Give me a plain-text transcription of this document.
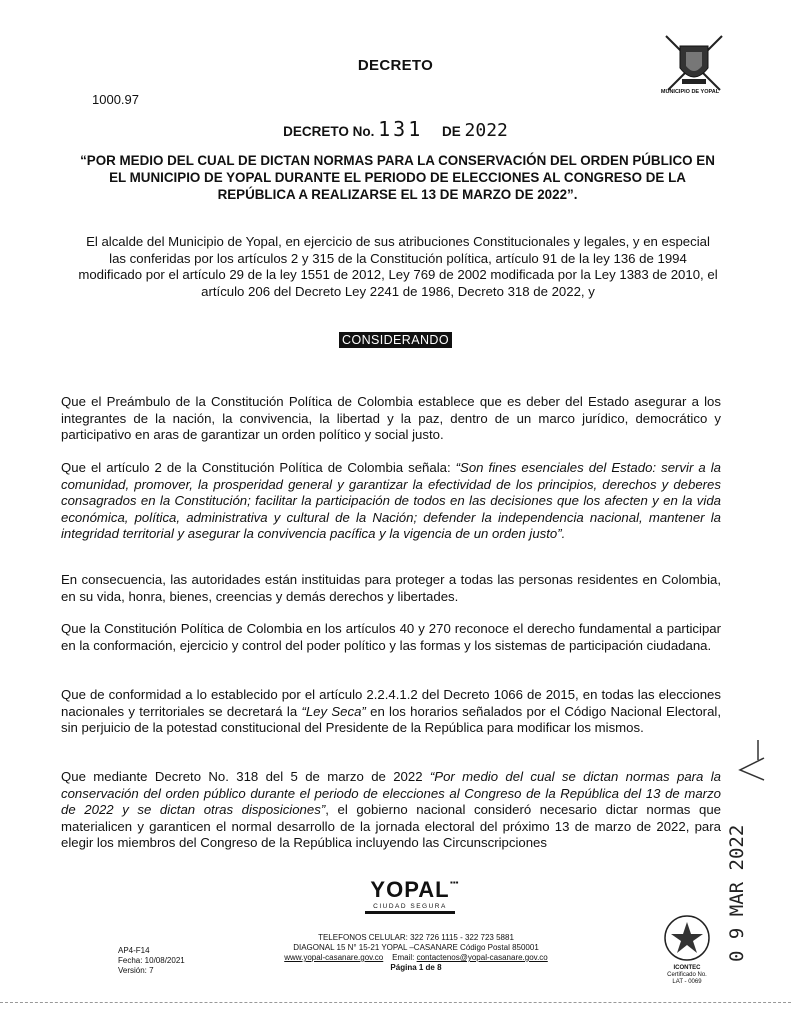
DECRETO
1000.97	MUNICIPIO DE YOPAL
DECRETO No. 131 DE 2022
“POR MEDIO DEL CUAL DE DICTAN NORMAS PARA LA CONSERVACIÓN DEL ORDEN PÚBLICO EN EL MUNICIPIO DE YOPAL DURANTE EL PERIODO DE ELECCIONES AL CONGRESO DE LA REPÚBLICA A REALIZARSE EL 13 DE MARZO DE 2022”.
El alcalde del Municipio de Yopal, en ejercicio de sus atribuciones Constitucionales y legales, y en especial las conferidas por los artículos 2 y 315 de la Constitución política, artículo 91 de la ley 136 de 1994 modificado por el artículo 29 de la ley 1551 de 2012, Ley 769 de 2002 modificada por la Ley 1383 de 2010, el artículo 206 del Decreto Ley 2241 de 1986, Decreto 318 de 2022, y
CONSIDERANDO
Que el Preámbulo de la Constitución Política de Colombia establece que es deber del Estado asegurar a los integrantes de la nación, la convivencia, la libertad y la paz, dentro de un marco jurídico, democrático y participativo en aras de garantizar un orden político y social justo.
Que el artículo 2 de la Constitución Política de Colombia señala: “Son fines esenciales del Estado: servir a la comunidad, promover, la prosperidad general y garantizar la efectividad de los principios, derechos y deberes consagrados en la Constitución; facilitar la participación de todos en las decisiones que los afecten y en la vida económica, política, administrativa y cultural de la Nación; defender la independencia nacional, mantener la integridad territorial y asegurar la convivencia pacífica y la vigencia de un orden justo”.
En consecuencia, las autoridades están instituidas para proteger a todas las personas residentes en Colombia, en su vida, honra, bienes, creencias y demás derechos y libertades.
Que la Constitución Política de Colombia en los artículos 40 y 270 reconoce el derecho fundamental a participar en la conformación, ejercicio y control del poder político y las formas y los sistemas de participación ciudadana.
Que de conformidad a lo establecido por el artículo 2.2.4.1.2 del Decreto 1066 de 2015, en todas las elecciones nacionales y territoriales se decretará la “Ley Seca” en los horarios señalados por el Código Nacional Electoral, sin perjuicio de la potestad constitucional del Presidente de la República para modificar los mismos.
Que mediante Decreto No. 318 del 5 de marzo de 2022 “Por medio del cual se dictan normas para la conservación del orden público durante el periodo de elecciones al Congreso de la República del 13 de marzo de 2022 y se dictan otras disposiciones”, el gobierno nacional consideró necesario dictar normas que materialicen y garanticen el normal desarrollo de la jornada electoral del próximo 13 de marzo de 2022, para elegir los miembros del Congreso de la República incluyendo las Circunscripciones	0 9 MAR 2022
▪▪▪
YOPAL
CIUDAD SEGURA
AP4-F14
Fecha: 10/08/2021
Versión: 7
TELEFONOS CELULAR: 322 726 1115 - 322 723 5881
DIAGONAL 15 N° 15-21 YOPAL –CASANARE Código Postal 850001
www.yopal-casanare.gov.co Email: contactenos@yopal-casanare.gov.co
Página 1 de 8	ICONTEC
Certificado No.
LAT - 0069
